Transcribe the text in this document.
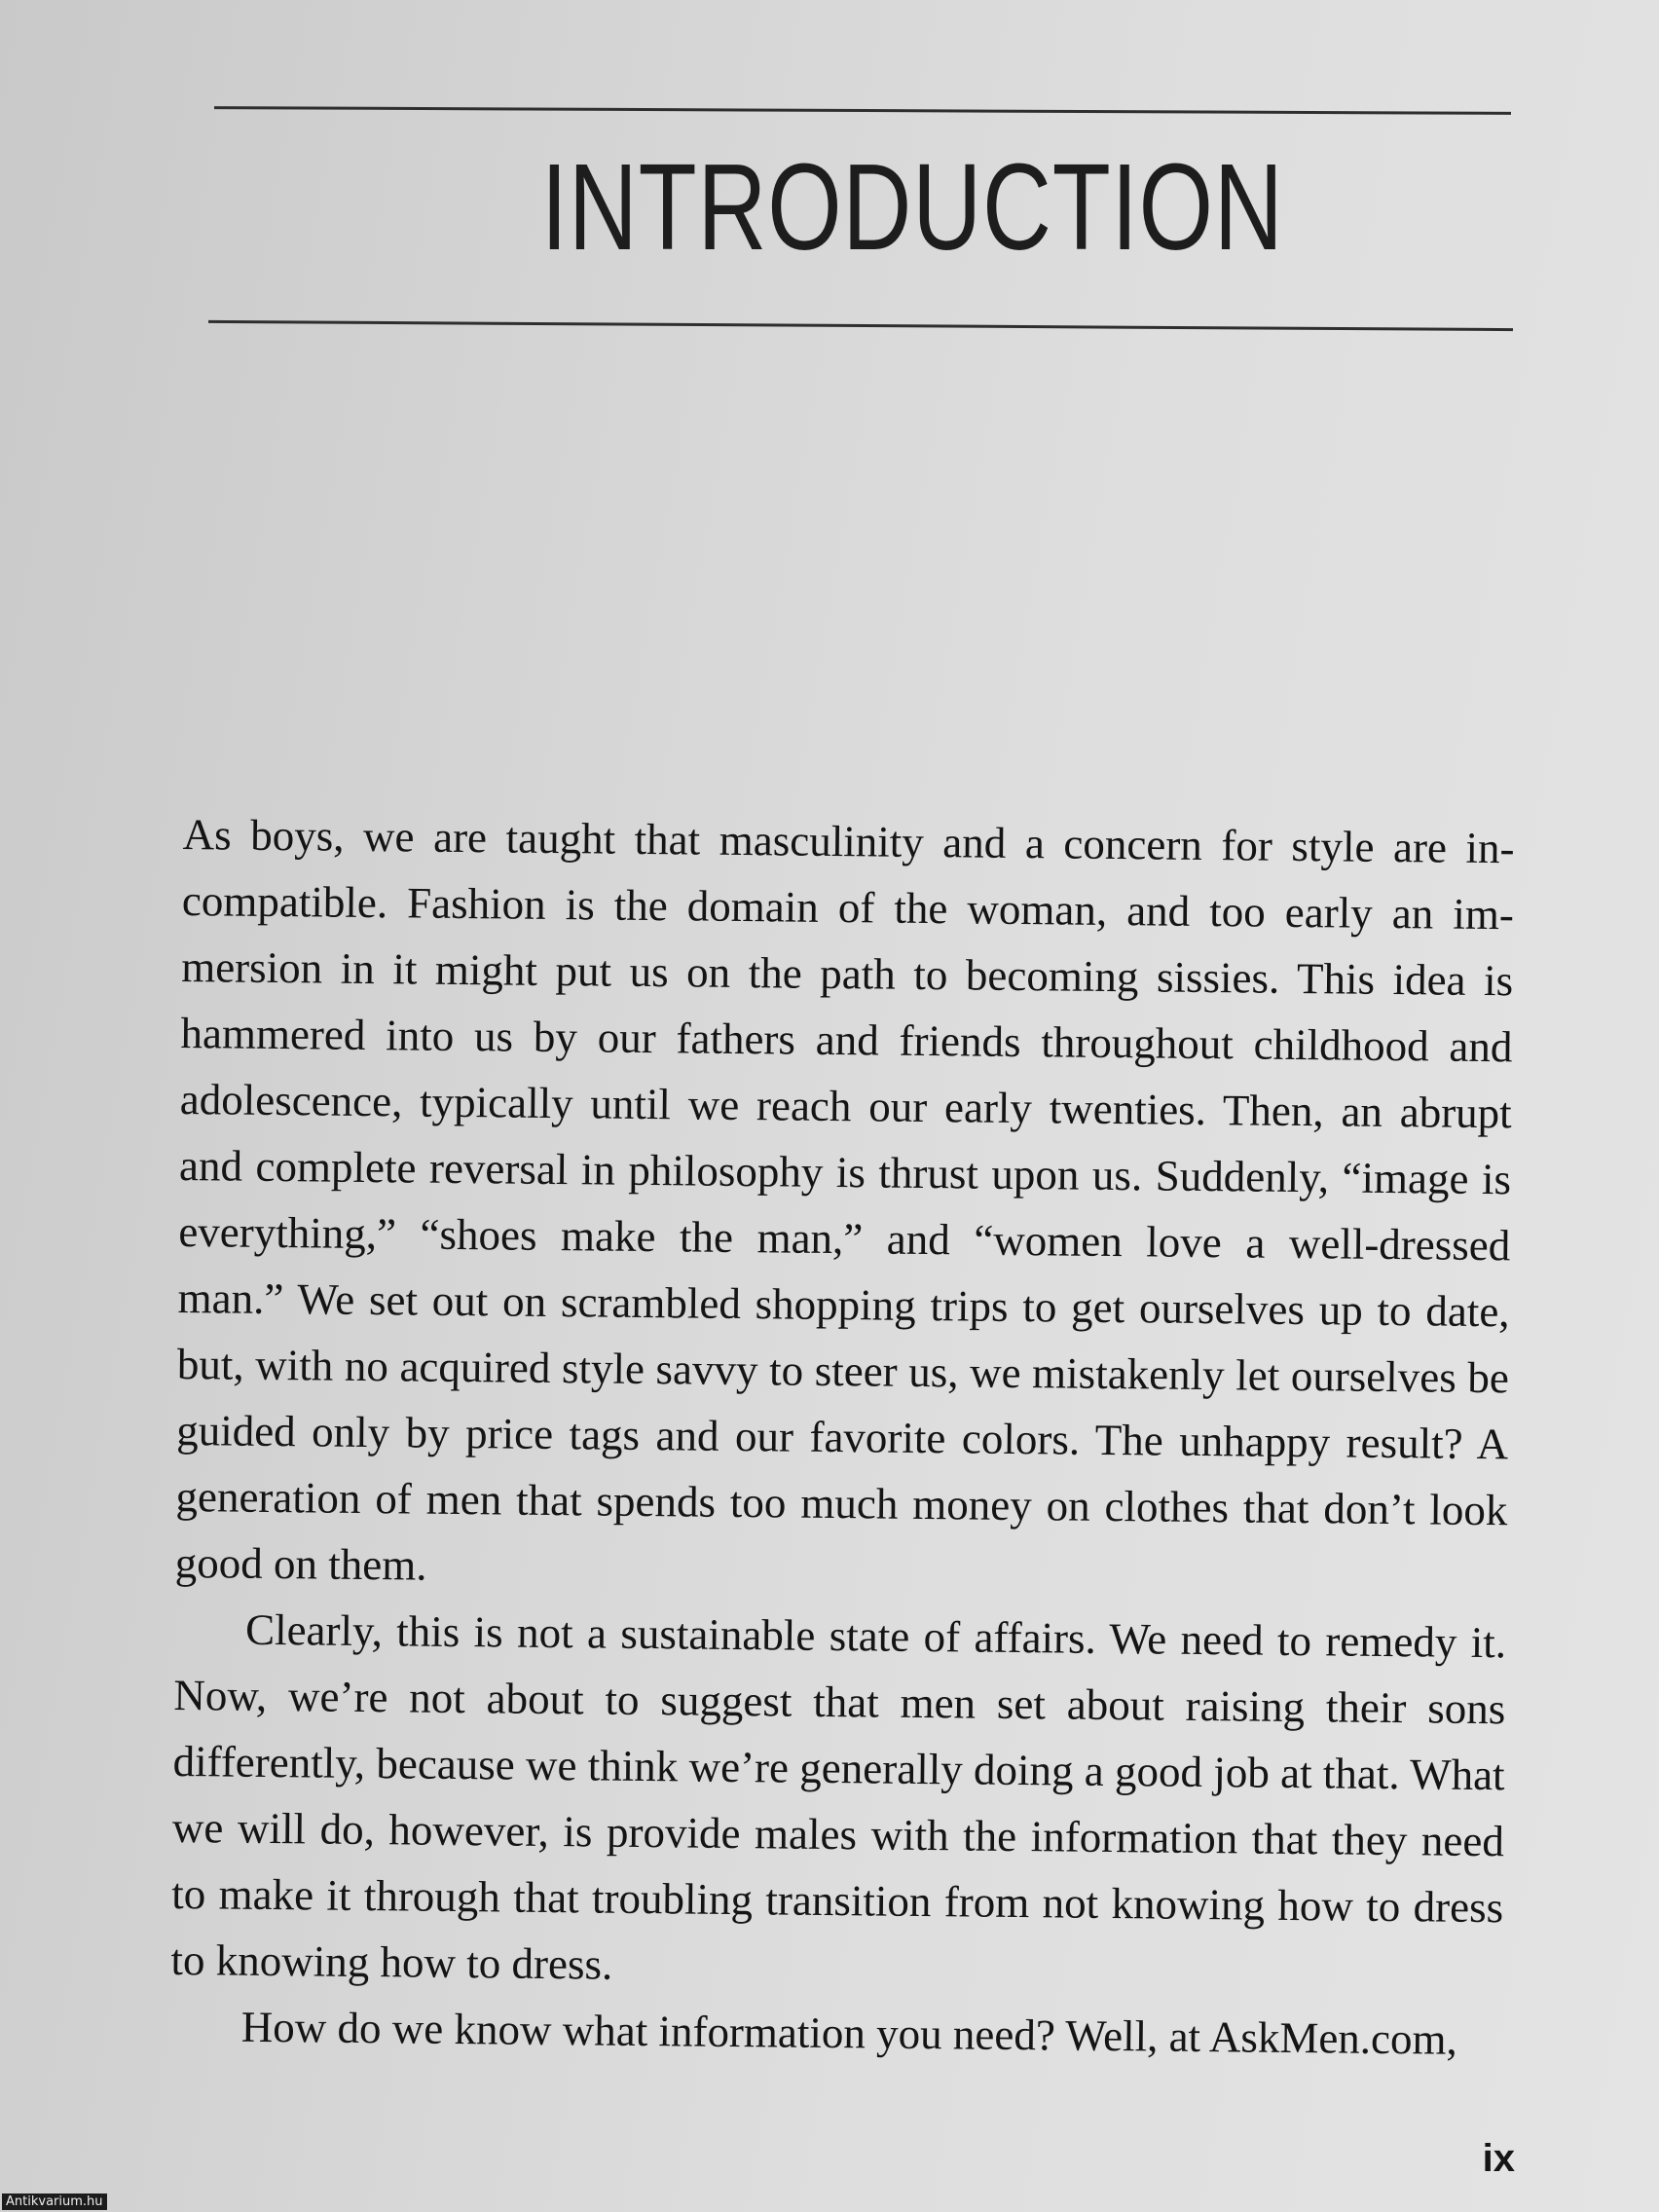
INTRODUCTION

As boys, we are taught that masculinity and a concern for style are incompatible. Fashion is the domain of the woman, and too early an immersion in it might put us on the path to becoming sissies. This idea is hammered into us by our fathers and friends throughout childhood and adolescence, typically until we reach our early twenties. Then, an abrupt and complete reversal in philosophy is thrust upon us. Suddenly, “image is everything,” “shoes make the man,” and “women love a well-dressed man.” We set out on scrambled shopping trips to get ourselves up to date, but, with no acquired style savvy to steer us, we mistakenly let ourselves be guided only by price tags and our favorite colors. The unhappy result? A generation of men that spends too much money on clothes that don’t look good on them.

Clearly, this is not a sustainable state of affairs. We need to remedy it. Now, we’re not about to suggest that men set about raising their sons differently, because we think we’re generally doing a good job at that. What we will do, however, is provide males with the information that they need to make it through that troubling transition from not knowing how to dress to knowing how to dress.

How do we know what information you need? Well, at AskMen.com,

ix
Antikvarium.hu
